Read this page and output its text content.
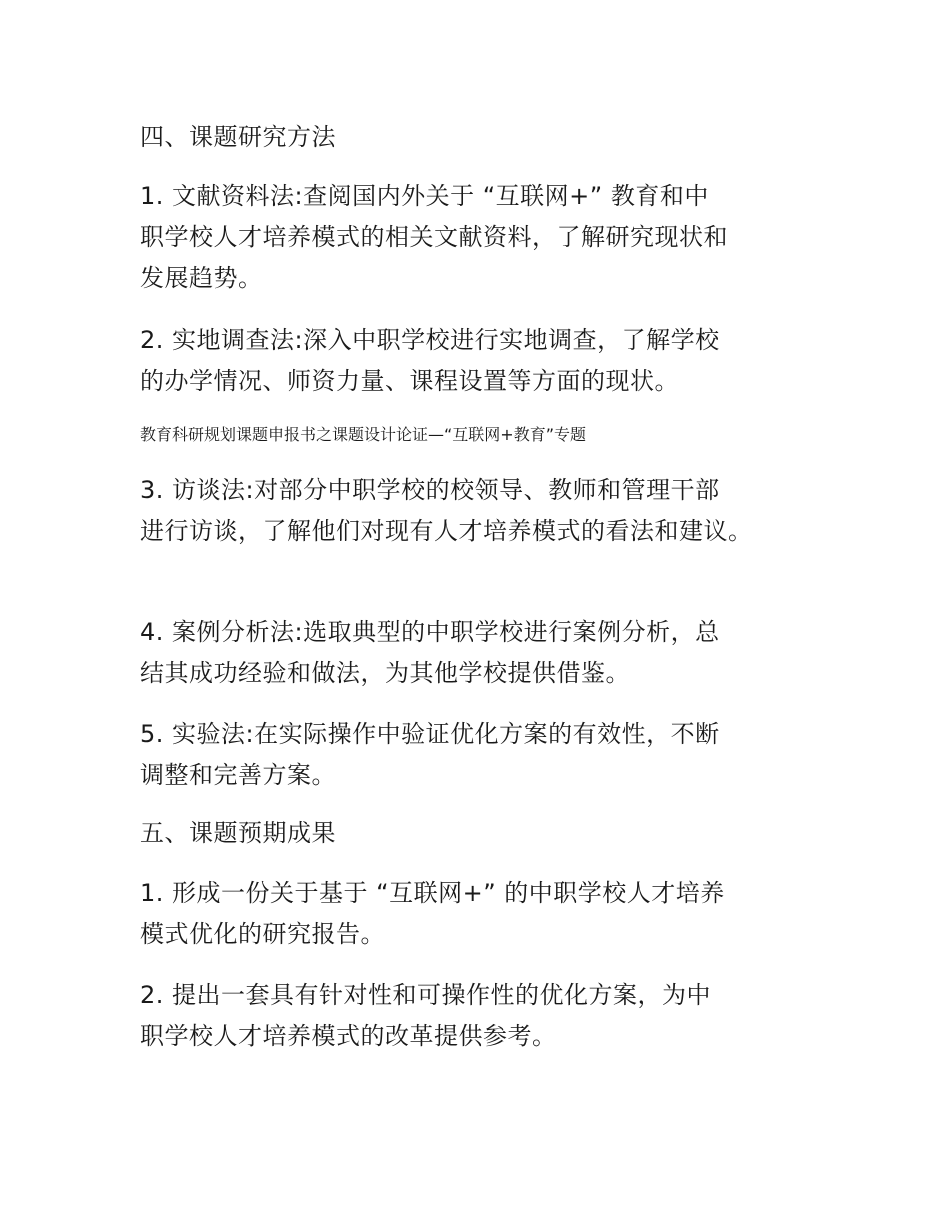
四、课题研究方法

1. 文献资料法:查阅国内外关于 “互联网+” 教育和中
职学校人才培养模式的相关文献资料，了解研究现状和
发展趋势。

2. 实地调查法:深入中职学校进行实地调查，了解学校
的办学情况、师资力量、课程设置等方面的现状。

教育科研规划课题申报书之课题设计论证—“互联网+教育”专题

3. 访谈法:对部分中职学校的校领导、教师和管理干部
进行访谈，了解他们对现有人才培养模式的看法和建议。

4. 案例分析法:选取典型的中职学校进行案例分析，总
结其成功经验和做法，为其他学校提供借鉴。

5. 实验法:在实际操作中验证优化方案的有效性，不断
调整和完善方案。

五、课题预期成果

1. 形成一份关于基于 “互联网+” 的中职学校人才培养
模式优化的研究报告。

2. 提出一套具有针对性和可操作性的优化方案，为中
职学校人才培养模式的改革提供参考。
